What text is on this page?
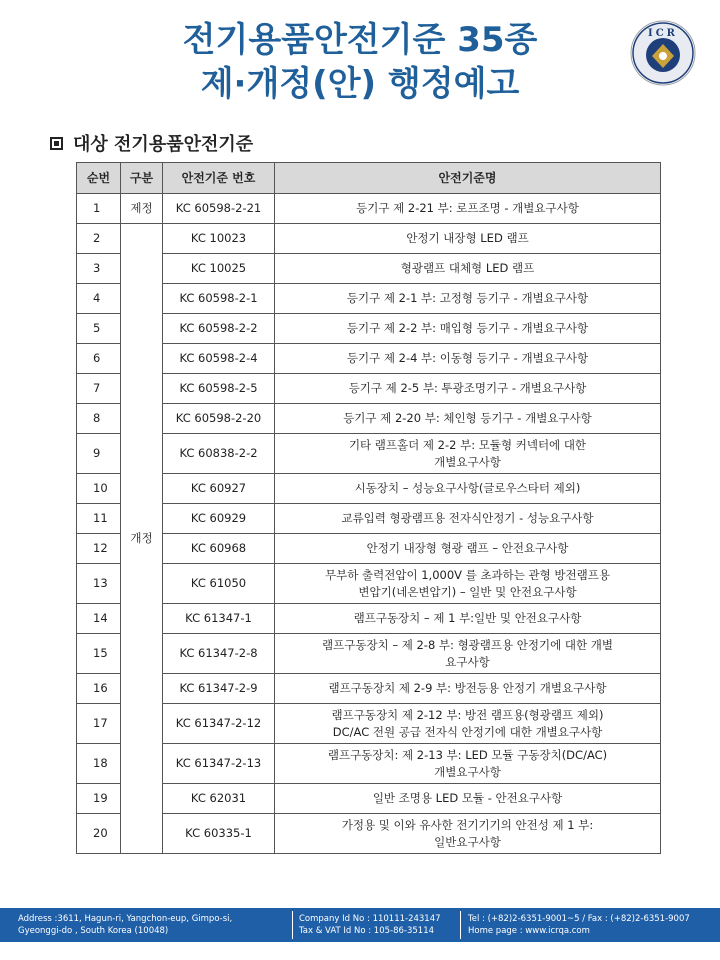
전기용품안전기준 35종
제·개정(안) 행정예고
ICR
대상 전기용품안전기준
순번	구분	안전기준 번호	안전기준명
1	제정	KC 60598-2-21	등기구 제 2-21 부: 로프조명 - 개별요구사항

2	개정	KC 10023	안정기 내장형 LED 램프

3		KC 10025	형광램프 대체형 LED 램프

4		KC 60598-2-1	등기구 제 2-1 부: 고정형 등기구 - 개별요구사항

5		KC 60598-2-2	등기구 제 2-2 부: 매입형 등기구 - 개별요구사항

6		KC 60598-2-4	등기구 제 2-4 부: 이동형 등기구 - 개별요구사항

7		KC 60598-2-5	등기구 제 2-5 부: 투광조명기구 - 개별요구사항

8		KC 60598-2-20	등기구 제 2-20 부: 체인형 등기구 - 개별요구사항

9		KC 60838-2-2	기타 램프홀더 제 2-2 부: 모듈형 커넥터에 대한
개별요구사항

10		KC 60927	시동장치 – 성능요구사항(글로우스타터 제외)

11		KC 60929	교류입력 형광램프용 전자식안정기 - 성능요구사항

12		KC 60968	안정기 내장형 형광 램프 – 안전요구사항

13		KC 61050	무부하 출력전압이 1,000V 를 초과하는 관형 방전램프용
변압기(네온변압기) – 일반 및 안전요구사항

14		KC 61347-1	램프구동장치 – 제 1 부:일반 및 안전요구사항

15		KC 61347-2-8	램프구동장치 – 제 2-8 부: 형광램프용 안정기에 대한 개별
요구사항

16		KC 61347-2-9	램프구동장치 제 2-9 부: 방전등용 안정기 개별요구사항

17		KC 61347-2-12	램프구동장치 제 2-12 부: 방전 램프용(형광램프 제외)
DC/AC 전원 공급 전자식 안정기에 대한 개별요구사항

18		KC 61347-2-13	램프구동장치: 제 2-13 부: LED 모듈 구동장치(DC/AC)
개별요구사항

19		KC 62031	일반 조명용 LED 모듈 - 안전요구사항

20		KC 60335-1	가정용 및 이와 유사한 전기기기의 안전성 제 1 부:
일반요구사항
Address :3611, Hagun-ri, Yangchon-eup, Gimpo-si,
Gyeonggi-do , South Korea (10048)
Company Id No : 110111-243147
Tax & VAT Id No : 105-86-35114
Tel : (+82)2-6351-9001~5 / Fax : (+82)2-6351-9007
Home page : www.icrqa.com
